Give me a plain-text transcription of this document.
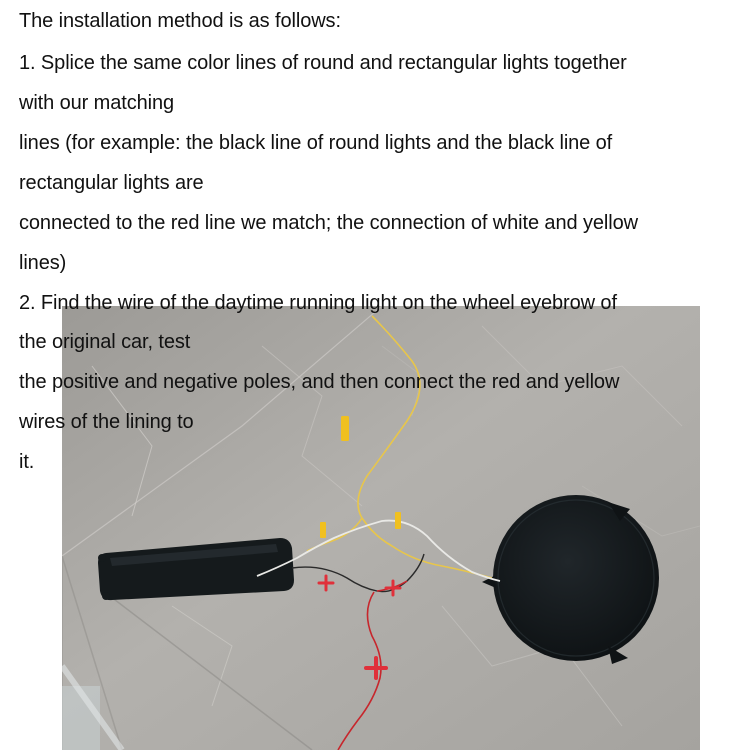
The installation method is as follows:
1. Splice the same color lines of round and rectangular lights together
with our matching
lines (for example: the black line of round lights and the black line of
rectangular lights are
connected to the red line we match; the connection of white and yellow
lines)
2. Find the wire of the daytime running light on the wheel eyebrow of
the original car, test
the positive and negative poles, and then connect the red and yellow
wires of the lining to
it.
